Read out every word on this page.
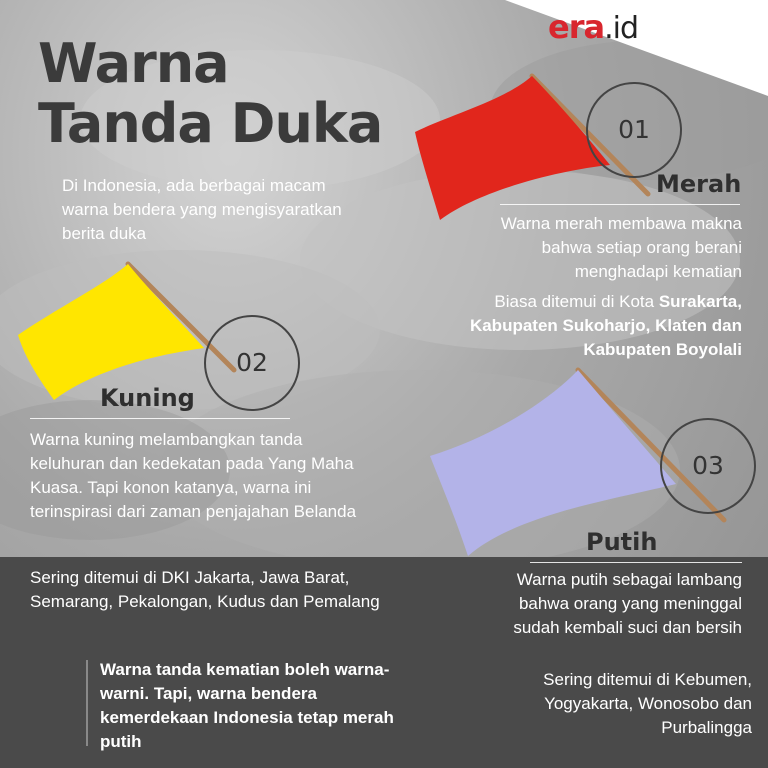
era.id
Warna
Tanda Duka
Di Indonesia, ada berbagai macam warna bendera yang mengisyaratkan berita duka
01
Merah
Warna merah membawa makna bahwa setiap orang berani menghadapi kematian
Biasa ditemui di Kota Surakarta, Kabupaten Sukoharjo, Klaten dan Kabupaten Boyolali
02
Kuning
Warna kuning melambangkan tanda keluhuran dan kedekatan pada Yang Maha Kuasa. Tapi konon katanya, warna ini terinspirasi dari zaman penjajahan Belanda
Sering ditemui di DKI Jakarta, Jawa Barat, Semarang, Pekalongan, Kudus dan Pemalang
03
Putih
Warna putih sebagai lambang bahwa orang yang meninggal sudah kembali suci dan bersih
Sering ditemui di Kebumen, Yogyakarta, Wonosobo dan Purbalingga
Warna tanda kematian boleh warna-warni. Tapi, warna bendera kemerdekaan Indonesia tetap merah putih
